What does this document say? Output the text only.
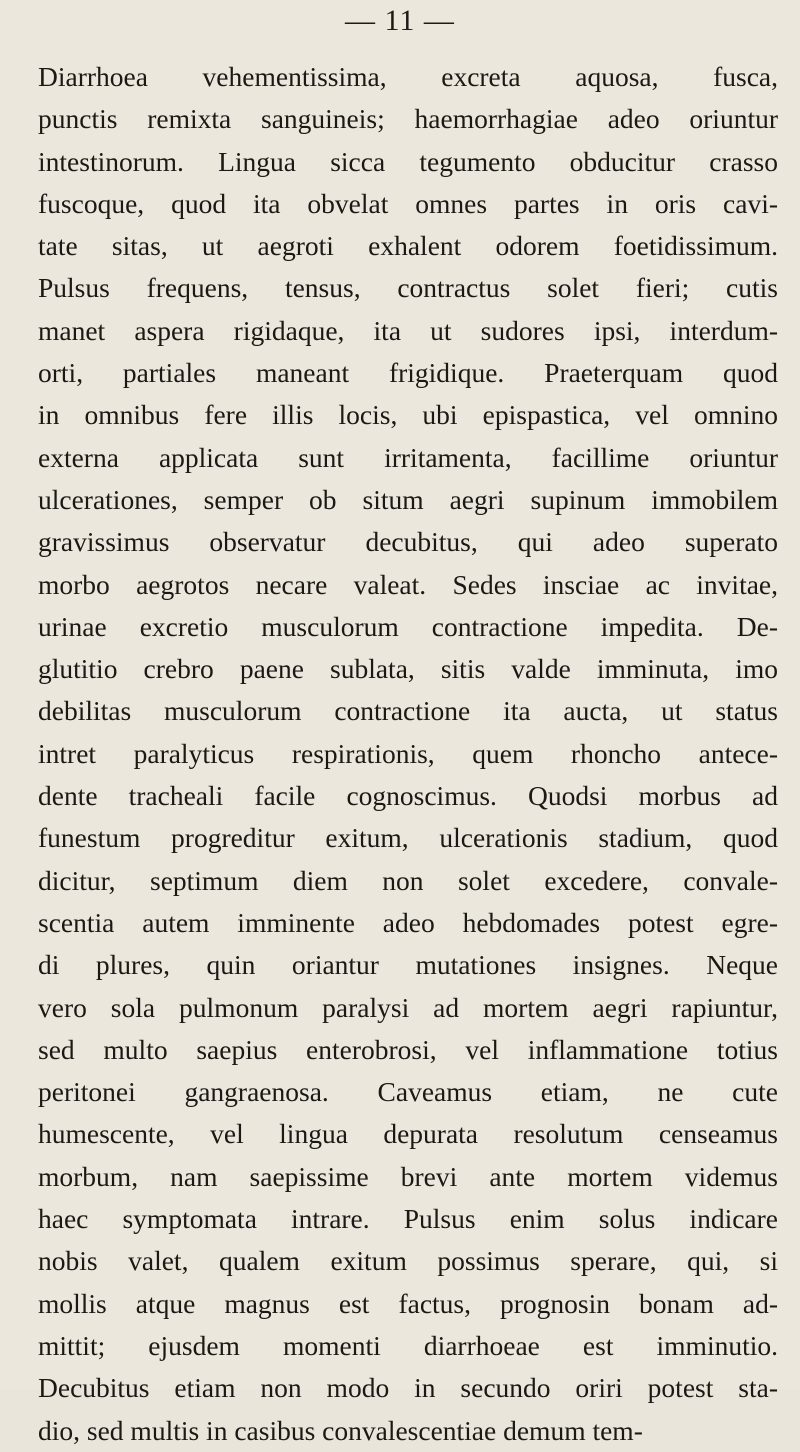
— 11 —
Diarrhoea vehementissima, excreta aquosa, fusca,
punctis remixta sanguineis; haemorrhagiae adeo oriuntur
intestinorum. Lingua sicca tegumento obducitur crasso
fuscoque, quod ita obvelat omnes partes in oris cavi-
tate sitas, ut aegroti exhalent odorem foetidissimum.
Pulsus frequens, tensus, contractus solet fieri; cutis
manet aspera rigidaque, ita ut sudores ipsi, interdum-
orti, partiales maneant frigidique. Praeterquam quod
in omnibus fere illis locis, ubi epispastica, vel omnino
externa applicata sunt irritamenta, facillime oriuntur
ulcerationes, semper ob situm aegri supinum immobilem
gravissimus observatur decubitus, qui adeo superato
morbo aegrotos necare valeat. Sedes insciae ac invitae,
urinae excretio musculorum contractione impedita. De-
glutitio crebro paene sublata, sitis valde imminuta, imo
debilitas musculorum contractione ita aucta, ut status
intret paralyticus respirationis, quem rhoncho antece-
dente tracheali facile cognoscimus. Quodsi morbus ad
funestum progreditur exitum, ulcerationis stadium, quod
dicitur, septimum diem non solet excedere, convale-
scentia autem imminente adeo hebdomades potest egre-
di plures, quin oriantur mutationes insignes. Neque
vero sola pulmonum paralysi ad mortem aegri rapiuntur,
sed multo saepius enterobrosi, vel inflammatione totius
peritonei gangraenosa. Caveamus etiam, ne cute
humescente, vel lingua depurata resolutum censeamus
morbum, nam saepissime brevi ante mortem videmus
haec symptomata intrare. Pulsus enim solus indicare
nobis valet, qualem exitum possimus sperare, qui, si
mollis atque magnus est factus, prognosin bonam ad-
mittit; ejusdem momenti diarrhoeae est imminutio.
Decubitus etiam non modo in secundo oriri potest sta-
dio, sed multis in casibus convalescentiae demum tem-
